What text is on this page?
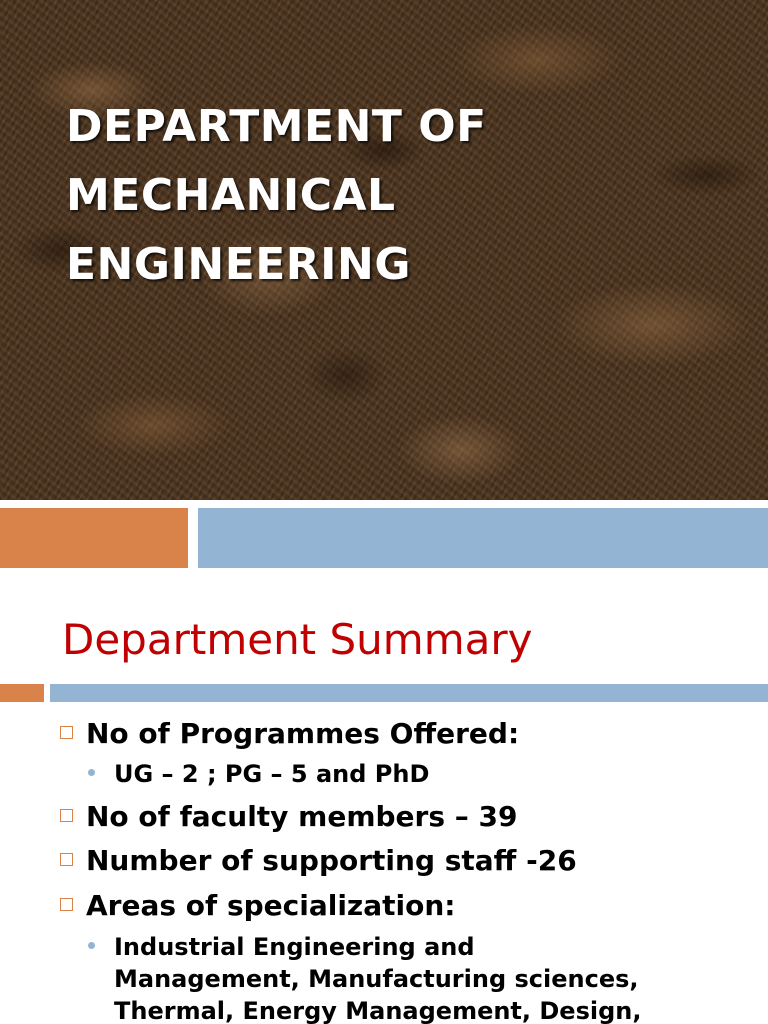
DEPARTMENT OF
MECHANICAL
ENGINEERING
Department Summary
No of Programmes Offered:
UG – 2 ; PG – 5 and PhD
No of faculty members – 39
Number of supporting staff -26
Areas of specialization:
Industrial Engineering and
Management, Manufacturing sciences,
Thermal, Energy Management, Design,
